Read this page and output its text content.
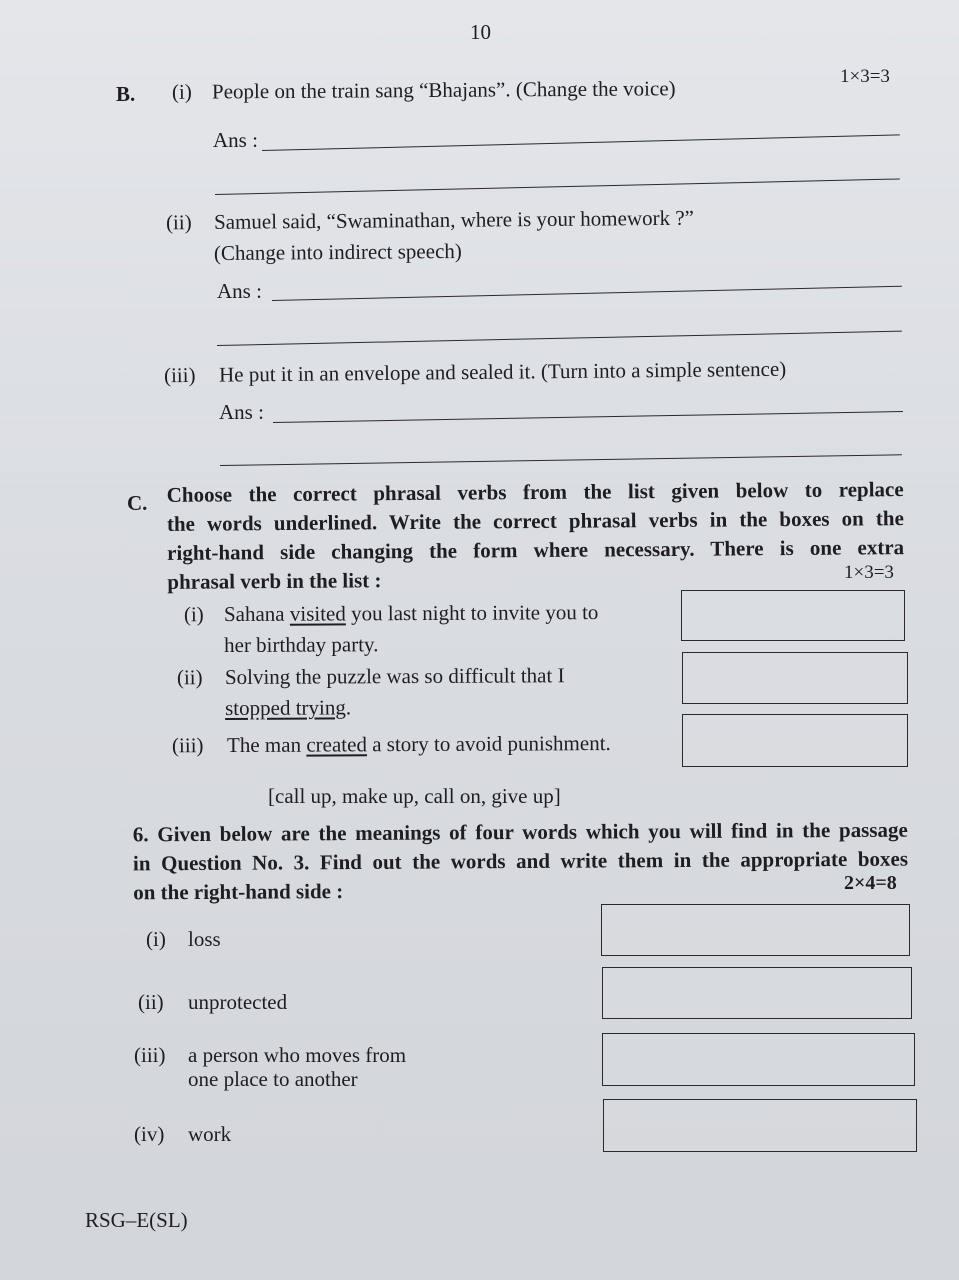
10
B.
1×3=3
(i) People on the train sang “Bhajans”. (Change the voice)
Ans :
(ii) Samuel said, “Swaminathan, where is your homework ?”
(Change into indirect speech)
Ans :
(iii) He put it in an envelope and sealed it. (Turn into a simple sentence)
Ans :
C. Choose the correct phrasal verbs from the list given below to replace
the words underlined. Write the correct phrasal verbs in the boxes on the
right-hand side changing the form where necessary. There is one extra
phrasal verb in the list :	1×3=3
(i) Sahana visited you last night to invite you to
her birthday party.
(ii) Solving the puzzle was so difficult that I
stopped trying.
(iii) The man created a story to avoid punishment.
[call up, make up, call on, give up]
6. Given below are the meanings of four words which you will find in the passage
in Question No. 3. Find out the words and write them in the appropriate boxes
on the right-hand side :	2×4=8
(i) loss
(ii) unprotected
(iii) a person who moves from
one place to another
(iv) work
RSG–E(SL)
